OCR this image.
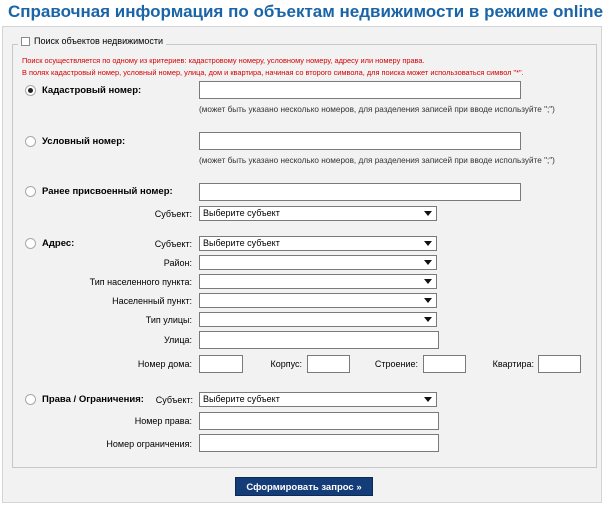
Справочная информация по объектам недвижимости в режиме online
Поиск объектов недвижимости
Поиск осуществляется по одному из критериев: кадастровому номеру, условному номеру, адресу или номеру права.
В полях кадастровый номер, условный номер, улица, дом и квартира, начиная со второго символа, для поиска может использоваться символ "*".
Кадастровый номер:
(может быть указано несколько номеров, для разделения записей при вводе используйте ";")
Условный номер:
(может быть указано несколько номеров, для разделения записей при вводе используйте ";")
Ранее присвоенный номер:
Субъект:	Выберите субъект
Адрес:	Субъект:	Выберите субъект
Район:
Тип населенного пункта:
Населенный пункт:
Тип улицы:
Улица:
Номер дома:	Корпус:	Строение:	Квартира:
Права / Ограничения:	Субъект:	Выберите субъект
Номер права:
Номер ограничения:
Сформировать запрос »
